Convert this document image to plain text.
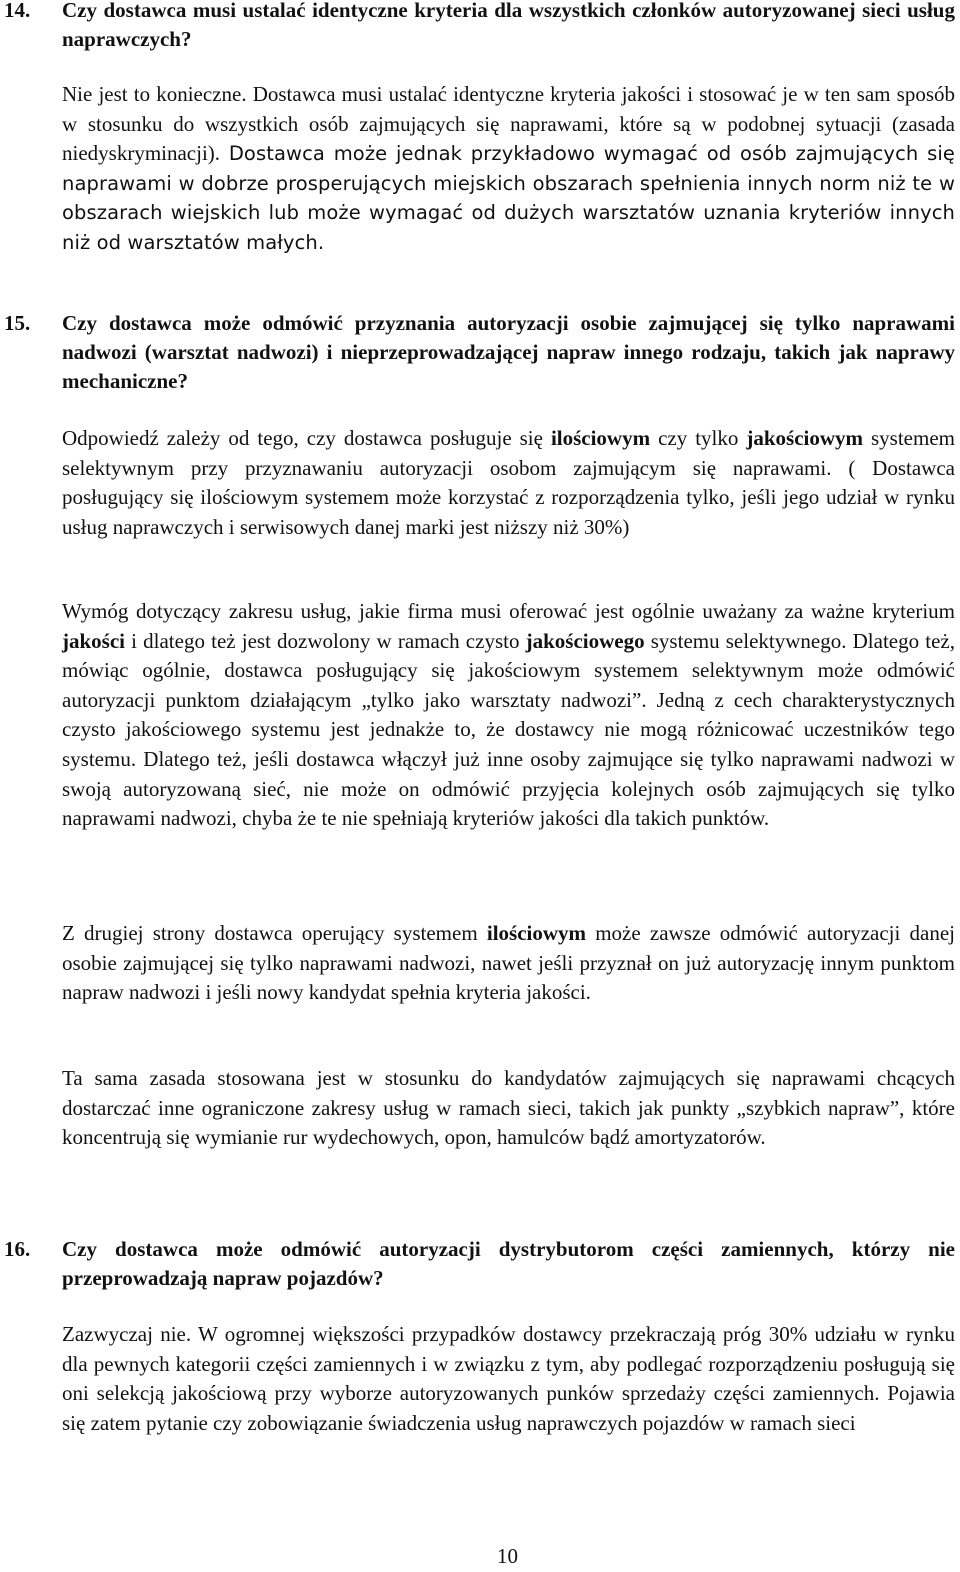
14.	Czy dostawca musi ustalać identyczne kryteria dla wszystkich członków autoryzowanej sieci usług naprawczych?

Nie jest to konieczne. Dostawca musi ustalać identyczne kryteria jakości i stosować je w ten sam sposób w stosunku do wszystkich osób zajmujących się naprawami, które są w podobnej sytuacji (zasada niedyskryminacji). Dostawca może jednak przykładowo wymagać od osób zajmujących się naprawami w dobrze prosperujących miejskich obszarach spełnienia innych norm niż te w obszarach wiejskich lub może wymagać od dużych warsztatów uznania kryteriów innych niż od warsztatów małych.

15.	Czy dostawca może odmówić przyznania autoryzacji osobie zajmującej się tylko naprawami nadwozi (warsztat nadwozi) i nieprzeprowadzającej napraw innego rodzaju, takich jak naprawy mechaniczne?

Odpowiedź zależy od tego, czy dostawca posługuje się ilościowym czy tylko jakościowym systemem selektywnym przy przyznawaniu autoryzacji osobom zajmującym się naprawami. ( Dostawca posługujący się ilościowym systemem może korzystać z rozporządzenia tylko, jeśli jego udział w rynku usług naprawczych i serwisowych danej marki jest niższy niż 30%)

Wymóg dotyczący zakresu usług, jakie firma musi oferować jest ogólnie uważany za ważne kryterium jakości i dlatego też jest dozwolony w ramach czysto jakościowego systemu selektywnego. Dlatego też, mówiąc ogólnie, dostawca posługujący się jakościowym systemem selektywnym może odmówić autoryzacji punktom działającym „tylko jako warsztaty nadwozi”. Jedną z cech charakterystycznych czysto jakościowego systemu jest jednakże to, że dostawcy nie mogą różnicować uczestników tego systemu. Dlatego też, jeśli dostawca włączył już inne osoby zajmujące się tylko naprawami nadwozi w swoją autoryzowaną sieć, nie może on odmówić przyjęcia kolejnych osób zajmujących się tylko naprawami nadwozi, chyba że te nie spełniają kryteriów jakości dla takich punktów.

Z drugiej strony dostawca operujący systemem ilościowym może zawsze odmówić autoryzacji danej osobie zajmującej się tylko naprawami nadwozi, nawet jeśli przyznał on już autoryzację innym punktom napraw nadwozi i jeśli nowy kandydat spełnia kryteria jakości.

Ta sama zasada stosowana jest w stosunku do kandydatów zajmujących się naprawami chcących dostarczać inne ograniczone zakresy usług w ramach sieci, takich jak punkty „szybkich napraw”, które koncentrują się wymianie rur wydechowych, opon, hamulców bądź amortyzatorów.

16.	Czy dostawca może odmówić autoryzacji dystrybutorom części zamiennych, którzy nie przeprowadzają napraw pojazdów?

Zazwyczaj nie. W ogromnej większości przypadków dostawcy przekraczają próg 30% udziału w rynku dla pewnych kategorii części zamiennych i w związku z tym, aby podlegać rozporządzeniu posługują się oni selekcją jakościową przy wyborze autoryzowanych punków sprzedaży części zamiennych. Pojawia się zatem pytanie czy zobowiązanie świadczenia usług naprawczych pojazdów w ramach sieci

10
